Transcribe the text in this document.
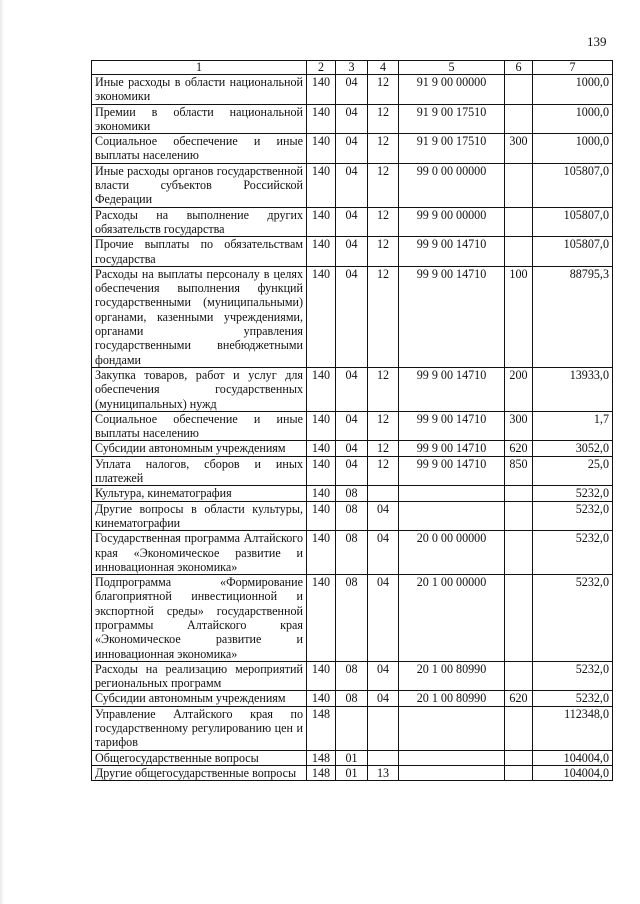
139
1	2	3	4	5	6	7
Иные расходы в области национальной экономики	140	04	12	91 9 00 00000		1000,0
Премии в области национальной экономики	140	04	12	91 9 00 17510		1000,0
Социальное обеспечение и иные выплаты населению	140	04	12	91 9 00 17510	300	1000,0
Иные расходы органов государственной власти субъектов Российской Федерации	140	04	12	99 0 00 00000		105807,0
Расходы на выполнение других обязательств государства	140	04	12	99 9 00 00000		105807,0
Прочие выплаты по обязательствам государства	140	04	12	99 9 00 14710		105807,0
Расходы на выплаты персоналу в целях обеспечения выполнения функций государственными (муниципальными) органами, казенными учреждениями, органами управления государственными внебюджетными фондами	140	04	12	99 9 00 14710	100	88795,3
Закупка товаров, работ и услуг для обеспечения государственных (муниципальных) нужд	140	04	12	99 9 00 14710	200	13933,0
Социальное обеспечение и иные выплаты населению	140	04	12	99 9 00 14710	300	1,7
Субсидии автономным учреждениям	140	04	12	99 9 00 14710	620	3052,0
Уплата налогов, сборов и иных платежей	140	04	12	99 9 00 14710	850	25,0
Культура, кинематография	140	08				5232,0
Другие вопросы в области культуры, кинематографии	140	08	04			5232,0
Государственная программа Алтайского края «Экономическое развитие и инновационная экономика»	140	08	04	20 0 00 00000		5232,0
Подпрограмма «Формирование благоприятной инвестиционной и экспортной среды» государственной программы Алтайского края «Экономическое развитие и инновационная экономика»	140	08	04	20 1 00 00000		5232,0
Расходы на реализацию мероприятий региональных программ	140	08	04	20 1 00 80990		5232,0
Субсидии автономным учреждениям	140	08	04	20 1 00 80990	620	5232,0
Управление Алтайского края по государственному регулированию цен и тарифов	148					112348,0
Общегосударственные вопросы	148	01				104004,0
Другие общегосударственные вопросы	148	01	13			104004,0
